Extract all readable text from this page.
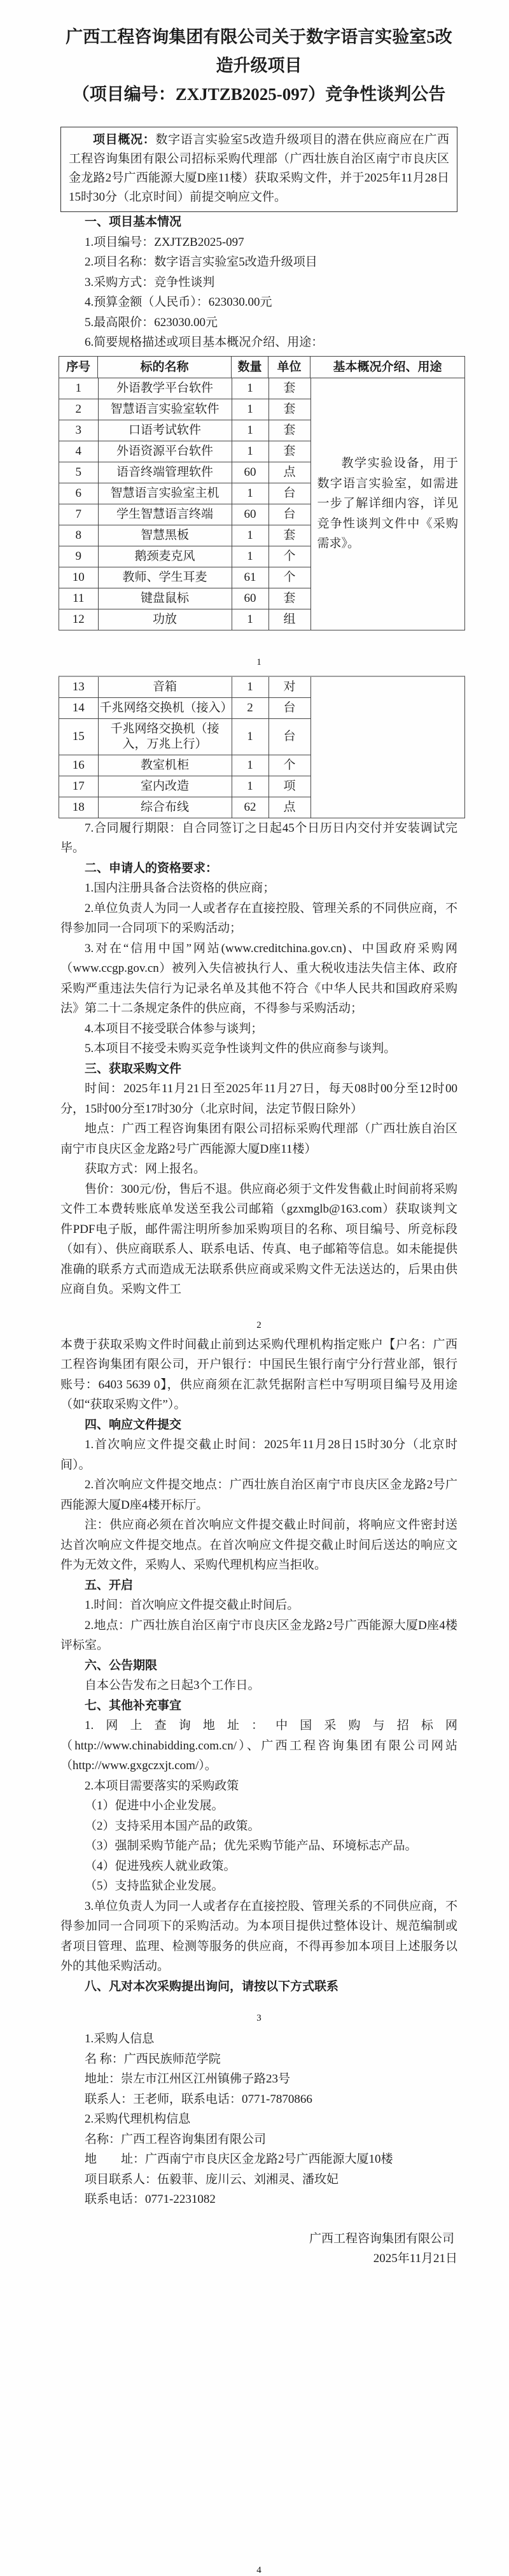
广西工程咨询集团有限公司关于数字语言实验室5改造升级项目
（项目编号：ZXJTZB2025-097）竞争性谈判公告

项目概况：数字语言实验室5改造升级项目的潜在供应商应在广西工程咨询集团有限公司招标采购代理部（广西壮族自治区南宁市良庆区金龙路2号广西能源大厦D座11楼）获取采购文件，并于2025年11月28日15时30分（北京时间）前提交响应文件。

一、项目基本情况

1.项目编号：ZXJTZB2025-097

2.项目名称：数字语言实验室5改造升级项目

3.采购方式：竞争性谈判

4.预算金额（人民币）：623030.00元

5.最高限价：623030.00元

6.简要规格描述或项目基本概况介绍、用途：

序号	标的名称	数量	单位	基本概况介绍、用途
1	外语教学平台软件	1	套
2	智慧语言实验室软件	1	套
3	口语考试软件	1	套
4	外语资源平台软件	1	套
5	语音终端管理软件	60	点
6	智慧语言实验室主机	1	台
7	学生智慧语言终端	60	台
8	智慧黑板	1	套
9	鹅颈麦克风	1	个
10	教师、学生耳麦	61	个
11	键盘鼠标	60	套
12	功放	1	组

教学实验设备，用于数字语言实验室，如需进一步了解详细内容，详见竞争性谈判文件中《采购需求》。

1
13	音箱	1	对
14	千兆网络交换机（接入）	2	台
15	千兆网络交换机（接入，万兆上行）	1	台
16	教室机柜	1	个
17	室内改造	1	项
18	综合布线	62	点

7.合同履行期限：自合同签订之日起45个日历日内交付并安装调试完毕。

二、申请人的资格要求：

1.国内注册具备合法资格的供应商；

2.单位负责人为同一人或者存在直接控股、管理关系的不同供应商，不得参加同一合同项下的采购活动；

3.对在“信用中国”网站(www.creditchina.gov.cn)、中国政府采购网（www.ccgp.gov.cn）被列入失信被执行人、重大税收违法失信主体、政府采购严重违法失信行为记录名单及其他不符合《中华人民共和国政府采购法》第二十二条规定条件的供应商，不得参与采购活动；

4.本项目不接受联合体参与谈判；

5.本项目不接受未购买竞争性谈判文件的供应商参与谈判。

三、获取采购文件

时间：2025年11月21日至2025年11月27日，每天08时00分至12时00分，15时00分至17时30分（北京时间，法定节假日除外）

地点：广西工程咨询集团有限公司招标采购代理部（广西壮族自治区南宁市良庆区金龙路2号广西能源大厦D座11楼）

获取方式：网上报名。

售价：300元/份，售后不退。供应商必须于文件发售截止时间前将采购文件工本费转账底单发送至我公司邮箱（gzxmglb@163.com）获取谈判文件PDF电子版，邮件需注明所参加采购项目的名称、项目编号、所竞标段（如有）、供应商联系人、联系电话、传真、电子邮箱等信息。如未能提供准确的联系方式而造成无法联系供应商或采购文件无法送达的，后果由供应商自负。采购文件工

2

本费于获取采购文件时间截止前到达采购代理机构指定账户【户名：广西工程咨询集团有限公司，开户银行：中国民生银行南宁分行营业部，银行账号：6403 5639 0】，供应商须在汇款凭据附言栏中写明项目编号及用途（如“获取采购文件”）。

四、响应文件提交

1.首次响应文件提交截止时间：2025年11月28日15时30分（北京时间）。

2.首次响应文件提交地点：广西壮族自治区南宁市良庆区金龙路2号广西能源大厦D座4楼开标厅。

注：供应商必须在首次响应文件提交截止时间前，将响应文件密封送达首次响应文件提交地点。在首次响应文件提交截止时间后送达的响应文件为无效文件，采购人、采购代理机构应当拒收。

五、开启

1.时间：首次响应文件提交截止时间后。

2.地点：广西壮族自治区南宁市良庆区金龙路2号广西能源大厦D座4楼评标室。

六、公告期限

自本公告发布之日起3个工作日。

七、其他补充事宜

1.网上查询地址：中国采购与招标网（http://www.chinabidding.com.cn/）、广西工程咨询集团有限公司网站（http://www.gxgczxjt.com/）。

2.本项目需要落实的采购政策

（1）促进中小企业发展。

（2）支持采用本国产品的政策。

（3）强制采购节能产品；优先采购节能产品、环境标志产品。

（4）促进残疾人就业政策。

（5）支持监狱企业发展。

3.单位负责人为同一人或者存在直接控股、管理关系的不同供应商，不得参加同一合同项下的采购活动。为本项目提供过整体设计、规范编制或者项目管理、监理、检测等服务的供应商，不得再参加本项目上述服务以外的其他采购活动。

八、凡对本次采购提出询问，请按以下方式联系

3

1.采购人信息

名 称：广西民族师范学院

地址：崇左市江州区江州镇佛子路23号

联系人：王老师，联系电话：0771-7870866

2.采购代理机构信息

名称：广西工程咨询集团有限公司

地　　址：广西南宁市良庆区金龙路2号广西能源大厦10楼

项目联系人：伍毅菲、庞川云、刘湘灵、潘玫妃

联系电话：0771-2231082

广西工程咨询集团有限公司

2025年11月21日

4
